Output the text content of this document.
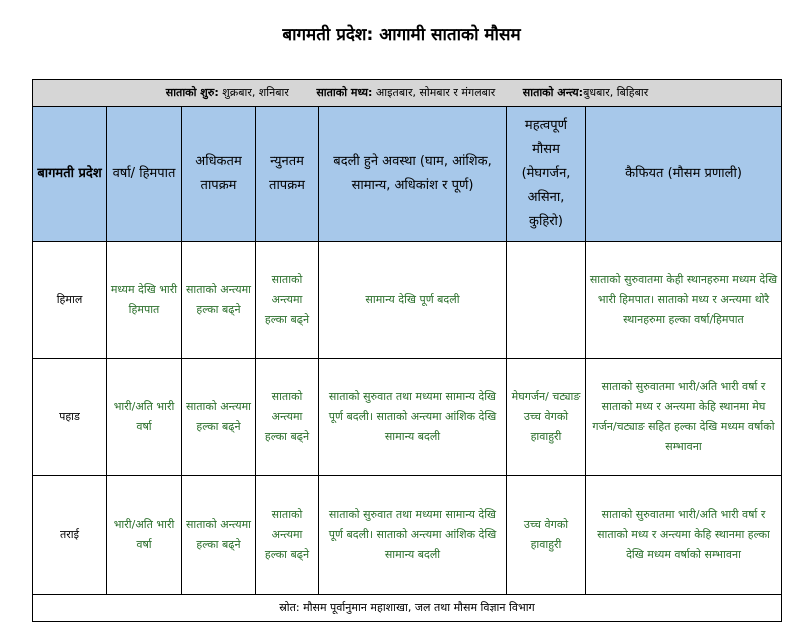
बागमती प्रदेश: आगामी साताको मौसम
साताको शुरु: शुक्रबार, शनिबार साताको मध्य: आइतबार, सोमबार र मंगलबार साताको अन्त्य:बुधबार, बिहिबार						
बागमती प्रदेश	वर्षा/ हिमपात	अधिकतम तापक्रम	न्युनतम तापक्रम	बदली हुने अवस्था (घाम, आंशिक, सामान्य, अधिकांश र पूर्ण)	महत्वपूर्ण मौसम (मेघगर्जन, असिना, कुहिरो)	कैफियत (मौसम प्रणाली)
हिमाल	मध्यम देखि भारी हिमपात	साताको अन्त्यमा हल्का बढ्ने	साताको अन्त्यमा हल्का बढ्ने	सामान्य देखि पूर्ण बदली		साताको सुरुवातमा केही स्थानहरुमा मध्यम देखि भारी हिमपात। साताको मध्य र अन्त्यमा थोरै स्थानहरुमा हल्का वर्षा/हिमपात
पहाड	भारी/अति भारी वर्षा	साताको अन्त्यमा हल्का बढ्ने	साताको अन्त्यमा हल्का बढ्ने	साताको सुरुवात तथा मध्यमा सामान्य देखि पूर्ण बदली। साताको अन्त्यमा आंशिक देखि सामान्य बदली	मेघगर्जन/ चट्याङ उच्च वेगको हावाहुरी	साताको सुरुवातमा भारी/अति भारी वर्षा र साताको मध्य र अन्त्यमा केहि स्थानमा मेघ गर्जन/चट्याङ सहित हल्का देखि मध्यम वर्षाको सम्भावना
तराई	भारी/अति भारी वर्षा	साताको अन्त्यमा हल्का बढ्ने	साताको अन्त्यमा हल्का बढ्ने	साताको सुरुवात तथा मध्यमा सामान्य देखि पूर्ण बदली। साताको अन्त्यमा आंशिक देखि सामान्य बदली	उच्च वेगको हावाहुरी	साताको सुरुवातमा भारी/अति भारी वर्षा र साताको मध्य र अन्त्यमा केहि स्थानमा हल्का देखि मध्यम वर्षाको सम्भावना
स्रोत: मौसम पूर्वानुमान महाशाखा, जल तथा मौसम विज्ञान विभाग						
